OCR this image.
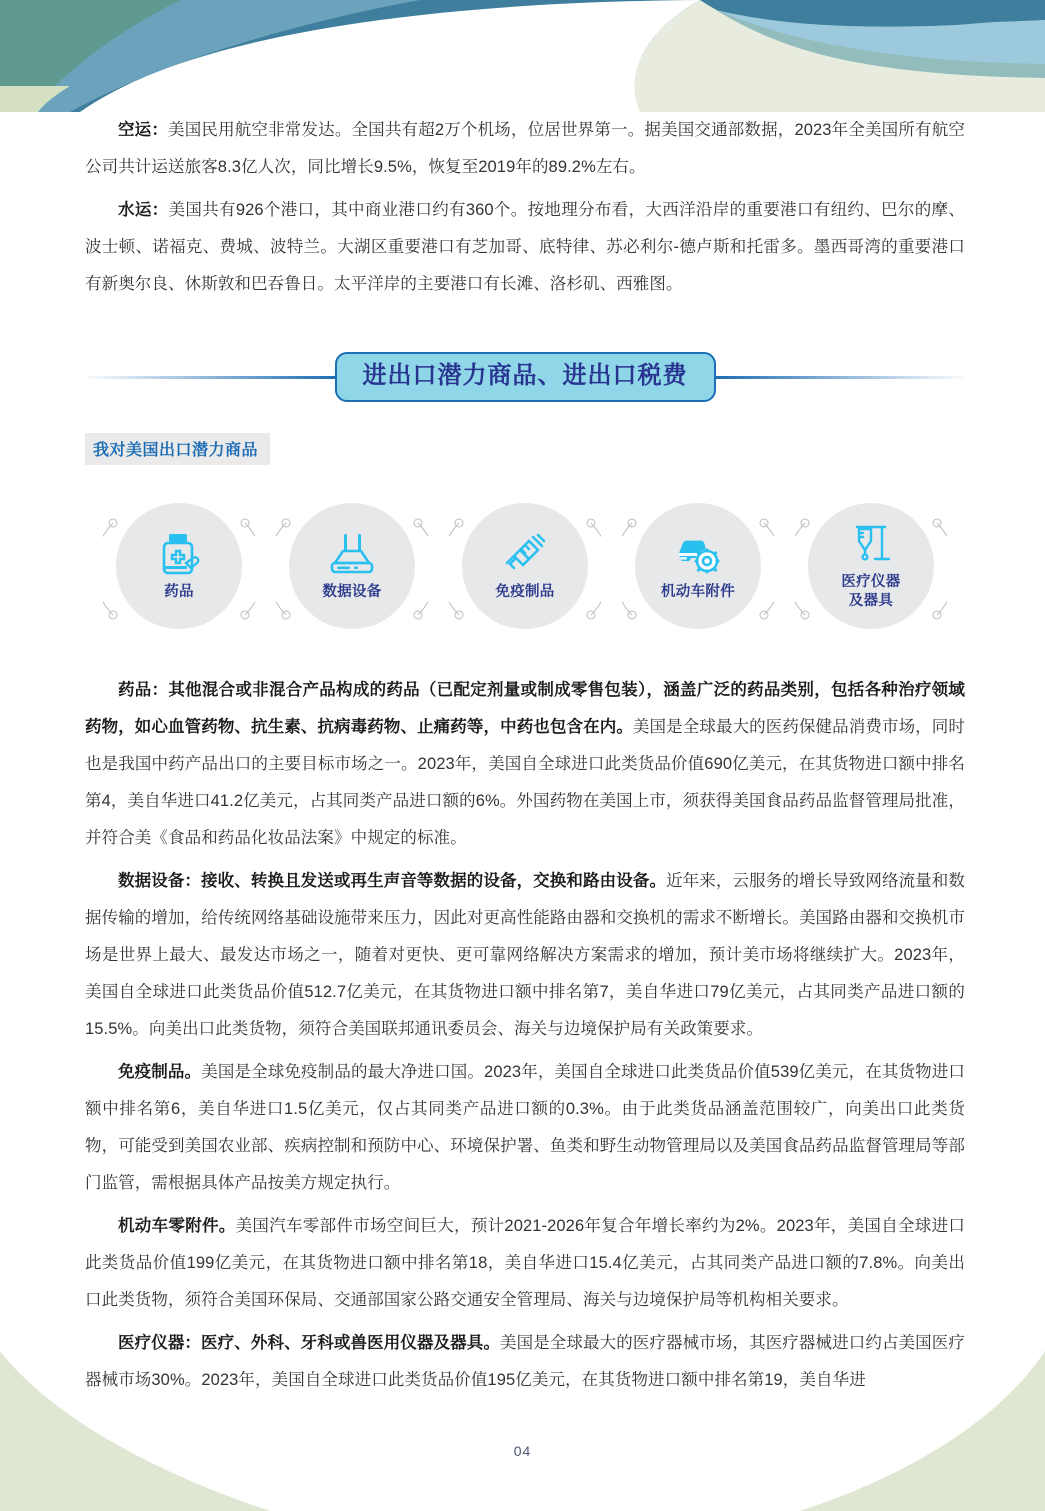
空运：美国民用航空非常发达。全国共有超2万个机场，位居世界第一。据美国交通部数据，2023年全美国所有航空公司共计运送旅客8.3亿人次，同比增长9.5%，恢复至2019年的89.2%左右。

水运：美国共有926个港口，其中商业港口约有360个。按地理分布看，大西洋沿岸的重要港口有纽约、巴尔的摩、波士顿、诺福克、费城、波特兰。大湖区重要港口有芝加哥、底特律、苏必利尔-德卢斯和托雷多。墨西哥湾的重要港口有新奥尔良、休斯敦和巴吞鲁日。太平洋岸的主要港口有长滩、洛杉矶、西雅图。

进出口潜力商品、进出口税费
我对美国出口潜力商品
药品	数据设备	免疫制品	机动车附件
医疗仪器
及器具

药品：其他混合或非混合产品构成的药品（已配定剂量或制成零售包装），涵盖广泛的药品类别，包括各种治疗领域药物，如心血管药物、抗生素、抗病毒药物、止痛药等，中药也包含在内。美国是全球最大的医药保健品消费市场，同时也是我国中药产品出口的主要目标市场之一。2023年，美国自全球进口此类货品价值690亿美元，在其货物进口额中排名第4，美自华进口41.2亿美元，占其同类产品进口额的6%。外国药物在美国上市，须获得美国食品药品监督管理局批准，并符合美《食品和药品化妆品法案》中规定的标准。

数据设备：接收、转换且发送或再生声音等数据的设备，交换和路由设备。近年来，云服务的增长导致网络流量和数据传输的增加，给传统网络基础设施带来压力，因此对更高性能路由器和交换机的需求不断增长。美国路由器和交换机市场是世界上最大、最发达市场之一，随着对更快、更可靠网络解决方案需求的增加，预计美市场将继续扩大。2023年，美国自全球进口此类货品价值512.7亿美元，在其货物进口额中排名第7，美自华进口79亿美元，占其同类产品进口额的15.5%。向美出口此类货物，须符合美国联邦通讯委员会、海关与边境保护局有关政策要求。

免疫制品。美国是全球免疫制品的最大净进口国。2023年，美国自全球进口此类货品价值539亿美元，在其货物进口额中排名第6，美自华进口1.5亿美元，仅占其同类产品进口额的0.3%。由于此类货品涵盖范围较广，向美出口此类货物，可能受到美国农业部、疾病控制和预防中心、环境保护署、鱼类和野生动物管理局以及美国食品药品监督管理局等部门监管，需根据具体产品按美方规定执行。

机动车零附件。美国汽车零部件市场空间巨大，预计2021-2026年复合年增长率约为2%。2023年，美国自全球进口此类货品价值199亿美元，在其货物进口额中排名第18，美自华进口15.4亿美元，占其同类产品进口额的7.8%。向美出口此类货物，须符合美国环保局、交通部国家公路交通安全管理局、海关与边境保护局等机构相关要求。

医疗仪器：医疗、外科、牙科或兽医用仪器及器具。美国是全球最大的医疗器械市场，其医疗器械进口约占美国医疗器械市场30%。2023年，美国自全球进口此类货品价值195亿美元，在其货物进口额中排名第19，美自华进

04
